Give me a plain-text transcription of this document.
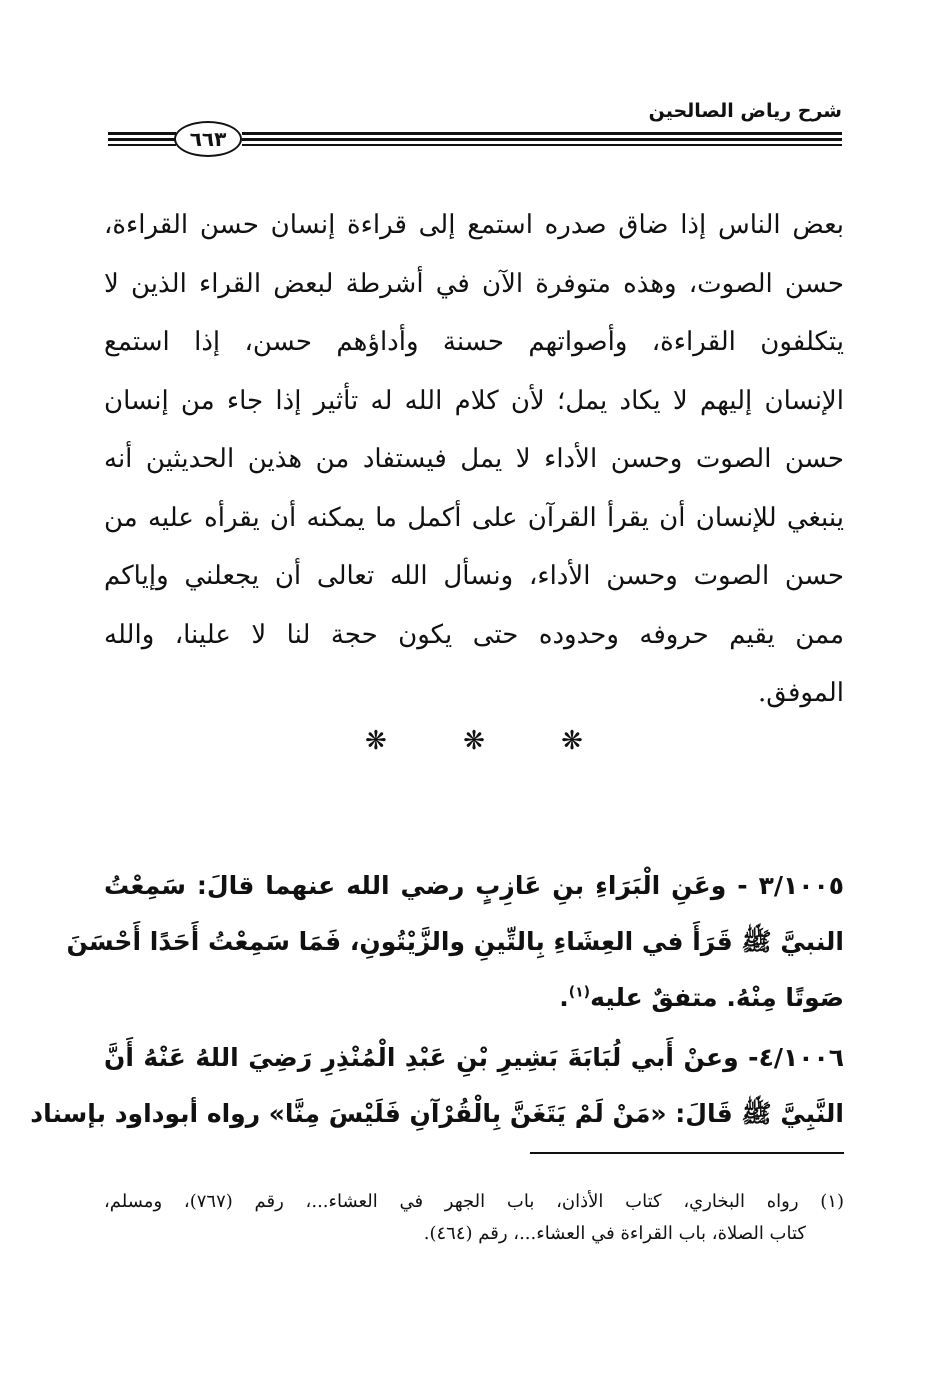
شرح رياض الصالحين
٦٦٣
بعض الناس إذا ضاق صدره استمع إلى قراءة إنسان حسن القراءة،
حسن الصوت، وهذه متوفرة الآن في أشرطة لبعض القراء الذين لا
يتكلفون القراءة، وأصواتهم حسنة وأداؤهم حسن، إذا استمع
الإنسان إليهم لا يكاد يمل؛ لأن كلام الله له تأثير إذا جاء من إنسان
حسن الصوت وحسن الأداء لا يمل فيستفاد من هذين الحديثين أنه
ينبغي للإنسان أن يقرأ القرآن على أكمل ما يمكنه أن يقرأه عليه من
حسن الصوت وحسن الأداء، ونسأل الله تعالى أن يجعلني وإياكم
ممن يقيم حروفه وحدوده حتى يكون حجة لنا لا علينا، والله
الموفق.
❋	❋	❋
٣/١٠٠٥ - وعَنِ الْبَرَاءِ بنِ عَازِبٍ رضي الله عنهما قالَ: سَمِعْتُ
النبيَّ ﷺ قَرَأَ في العِشَاءِ بِالتِّينِ والزَّيْتُونِ، فَمَا سَمِعْتُ أَحَدًا أَحْسَنَ
صَوتًا مِنْهُ. متفقٌ عليه$^{(١)}$.
٤/١٠٠٦- وعنْ أَبي لُبَابَةَ بَشِيرِ بْنِ عَبْدِ الْمُنْذِرِ رَضِيَ اللهُ عَنْهُ أَنَّ
النَّبِيَّ ﷺ قَالَ: «مَنْ لَمْ يَتَغَنَّ بِالْقُرْآنِ فَلَيْسَ مِنَّا» رواه أبوداود بإسناد
(١) رواه البخاري، كتاب الأذان، باب الجهر في العشاء...، رقم (٧٦٧)، ومسلم،
كتاب الصلاة، باب القراءة في العشاء...، رقم (٤٦٤).
